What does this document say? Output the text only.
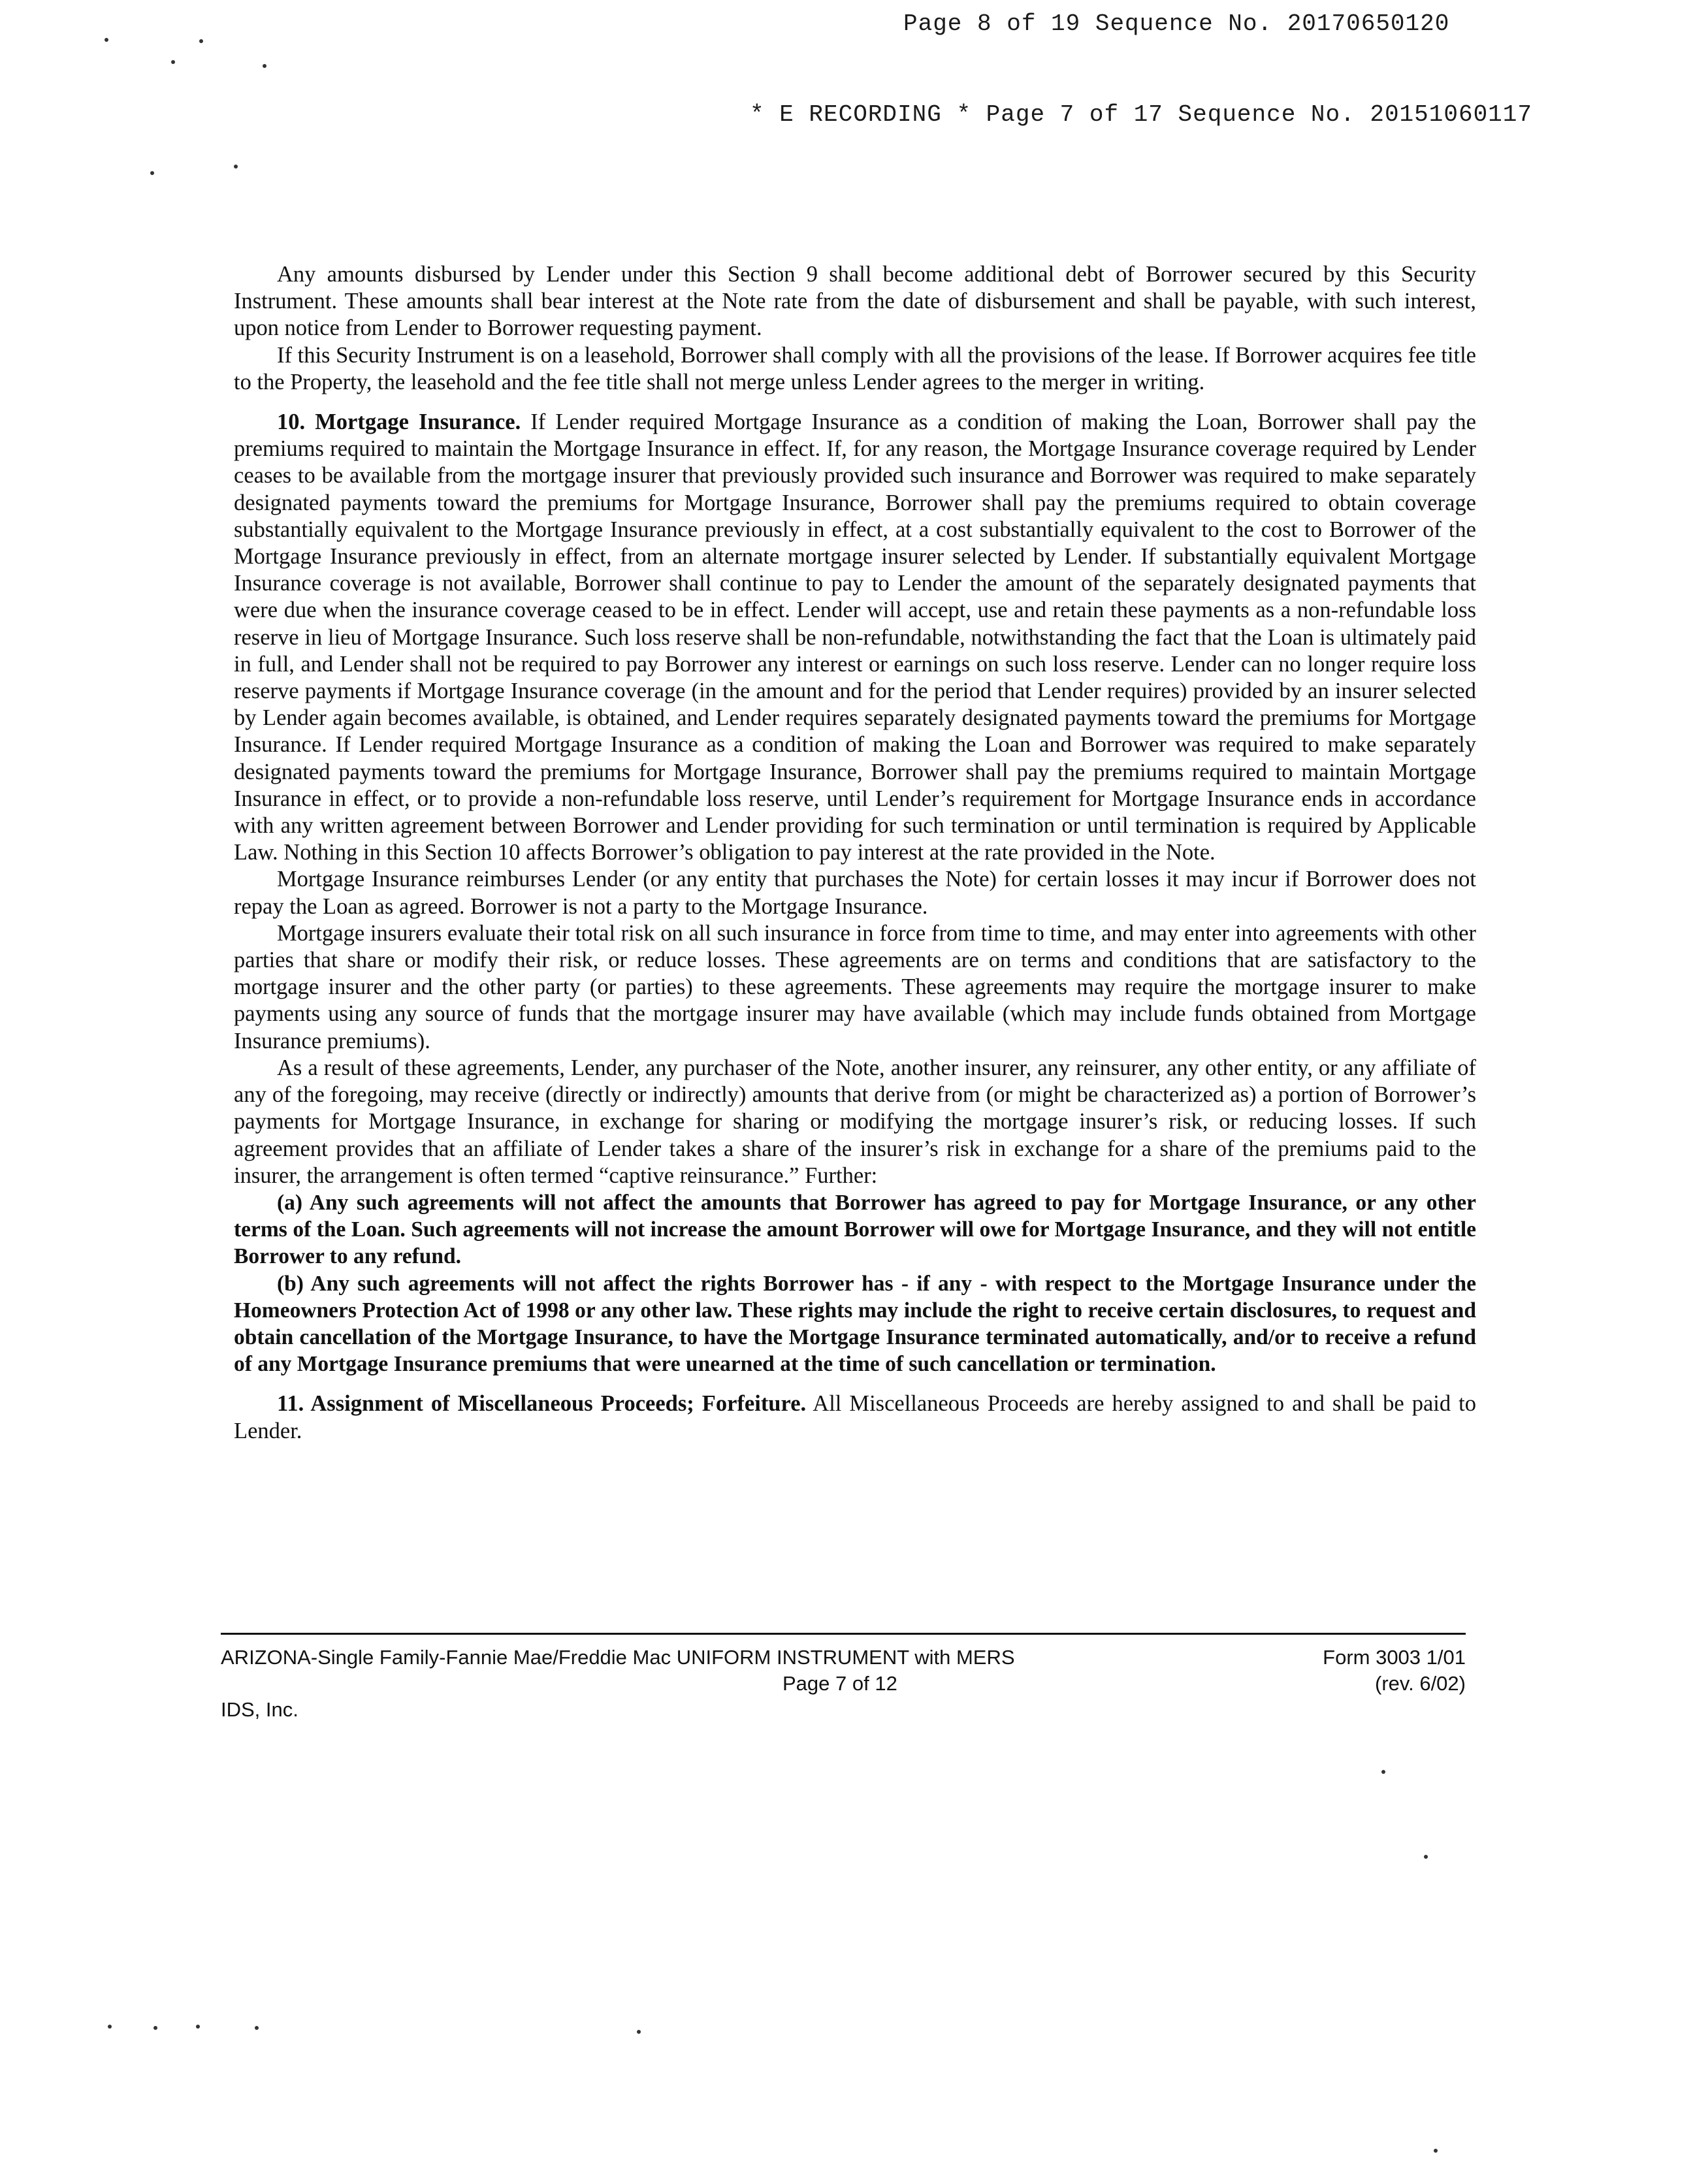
Page 8 of 19 Sequence No. 20170650120
* E RECORDING * Page 7 of 17 Sequence No. 20151060117

Any amounts disbursed by Lender under this Section 9 shall become additional debt of Borrower secured by this Security Instrument. These amounts shall bear interest at the Note rate from the date of disbursement and shall be payable, with such interest, upon notice from Lender to Borrower requesting payment.

If this Security Instrument is on a leasehold, Borrower shall comply with all the provisions of the lease. If Borrower acquires fee title to the Property, the leasehold and the fee title shall not merge unless Lender agrees to the merger in writing.

10. Mortgage Insurance. If Lender required Mortgage Insurance as a condition of making the Loan, Borrower shall pay the premiums required to maintain the Mortgage Insurance in effect. If, for any reason, the Mortgage Insurance coverage required by Lender ceases to be available from the mortgage insurer that previously provided such insurance and Borrower was required to make separately designated payments toward the premiums for Mortgage Insurance, Borrower shall pay the premiums required to obtain coverage substantially equivalent to the Mortgage Insurance previously in effect, at a cost substantially equivalent to the cost to Borrower of the Mortgage Insurance previously in effect, from an alternate mortgage insurer selected by Lender. If substantially equivalent Mortgage Insurance coverage is not available, Borrower shall continue to pay to Lender the amount of the separately designated payments that were due when the insurance coverage ceased to be in effect. Lender will accept, use and retain these payments as a non-refundable loss reserve in lieu of Mortgage Insurance. Such loss reserve shall be non-refundable, notwithstanding the fact that the Loan is ultimately paid in full, and Lender shall not be required to pay Borrower any interest or earnings on such loss reserve. Lender can no longer require loss reserve payments if Mortgage Insurance coverage (in the amount and for the period that Lender requires) provided by an insurer selected by Lender again becomes available, is obtained, and Lender requires separately designated payments toward the premiums for Mortgage Insurance. If Lender required Mortgage Insurance as a condition of making the Loan and Borrower was required to make separately designated payments toward the premiums for Mortgage Insurance, Borrower shall pay the premiums required to maintain Mortgage Insurance in effect, or to provide a non-refundable loss reserve, until Lender’s requirement for Mortgage Insurance ends in accordance with any written agreement between Borrower and Lender providing for such termination or until termination is required by Applicable Law. Nothing in this Section 10 affects Borrower’s obligation to pay interest at the rate provided in the Note.

Mortgage Insurance reimburses Lender (or any entity that purchases the Note) for certain losses it may incur if Borrower does not repay the Loan as agreed. Borrower is not a party to the Mortgage Insurance.

Mortgage insurers evaluate their total risk on all such insurance in force from time to time, and may enter into agreements with other parties that share or modify their risk, or reduce losses. These agreements are on terms and conditions that are satisfactory to the mortgage insurer and the other party (or parties) to these agreements. These agreements may require the mortgage insurer to make payments using any source of funds that the mortgage insurer may have available (which may include funds obtained from Mortgage Insurance premiums).

As a result of these agreements, Lender, any purchaser of the Note, another insurer, any reinsurer, any other entity, or any affiliate of any of the foregoing, may receive (directly or indirectly) amounts that derive from (or might be characterized as) a portion of Borrower’s payments for Mortgage Insurance, in exchange for sharing or modifying the mortgage insurer’s risk, or reducing losses. If such agreement provides that an affiliate of Lender takes a share of the insurer’s risk in exchange for a share of the premiums paid to the insurer, the arrangement is often termed “captive reinsurance.” Further:

(a) Any such agreements will not affect the amounts that Borrower has agreed to pay for Mortgage Insurance, or any other terms of the Loan. Such agreements will not increase the amount Borrower will owe for Mortgage Insurance, and they will not entitle Borrower to any refund.

(b) Any such agreements will not affect the rights Borrower has - if any - with respect to the Mortgage Insurance under the Homeowners Protection Act of 1998 or any other law. These rights may include the right to receive certain disclosures, to request and obtain cancellation of the Mortgage Insurance, to have the Mortgage Insurance terminated automatically, and/or to receive a refund of any Mortgage Insurance premiums that were unearned at the time of such cancellation or termination.

11. Assignment of Miscellaneous Proceeds; Forfeiture. All Miscellaneous Proceeds are hereby assigned to and shall be paid to Lender.

ARIZONA-Single Family-Fannie Mae/Freddie Mac UNIFORM INSTRUMENT with MERS	Form 3003 1/01
Page 7 of 12	(rev. 6/02)
IDS, Inc.
